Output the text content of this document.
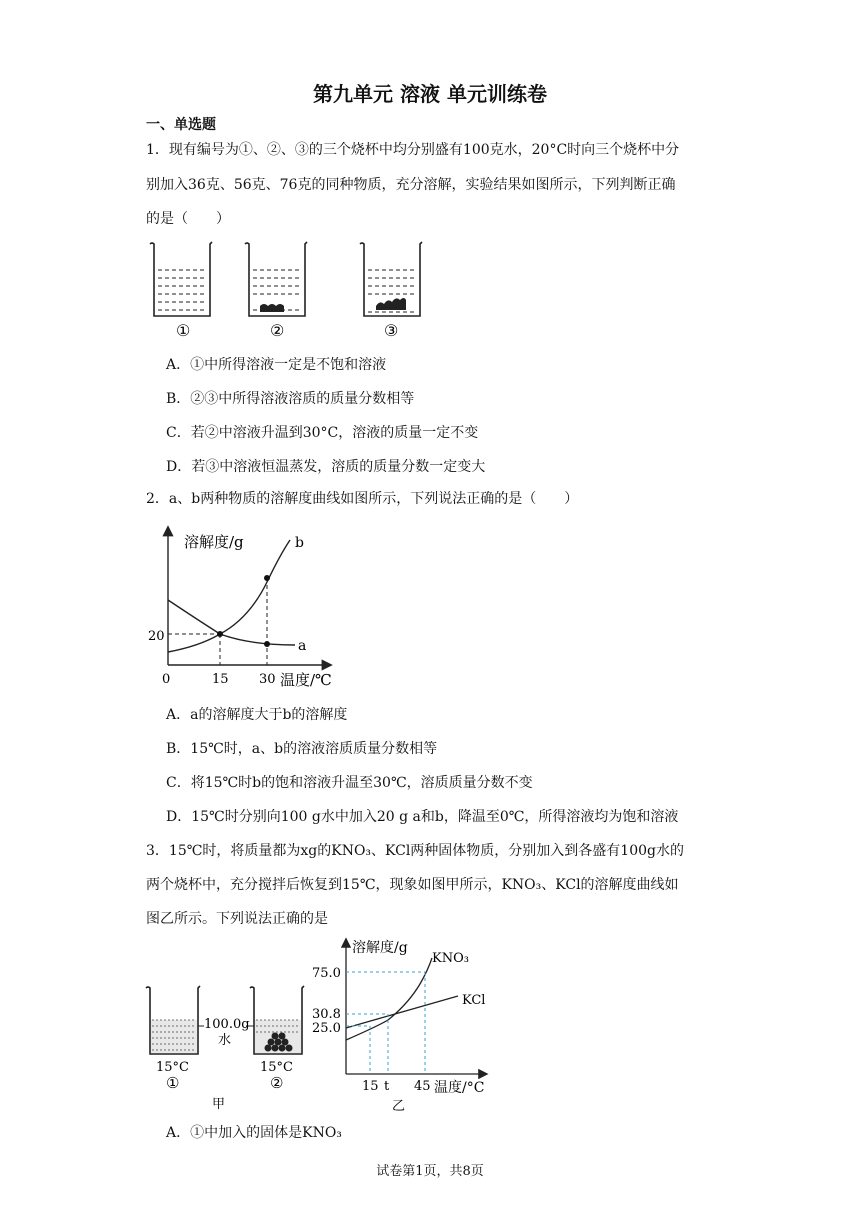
第九单元 溶液 单元训练卷
一、单选题
1．现有编号为①、②、③的三个烧杯中均分别盛有100克水，20°C时向三个烧杯中分
别加入36克、56克、76克的同种物质，充分溶解，实验结果如图所示，下列判断正确
的是（　　）
①	②	③
A．①中所得溶液一定是不饱和溶液
B．②③中所得溶液溶质的质量分数相等
C．若②中溶液升温到30°C，溶液的质量一定不变
D．若③中溶液恒温蒸发，溶质的质量分数一定变大
2．a、b两种物质的溶解度曲线如图所示，下列说法正确的是（　　）
溶解度/g	b
a
20
0	15 30 温度/℃
A．a的溶解度大于b的溶解度
B．15℃时，a、b的溶液溶质质量分数相等
C．将15℃时b的饱和溶液升温至30℃，溶质质量分数不变
D．15℃时分别向100 g水中加入20 g a和b，降温至0℃，所得溶液均为饱和溶液
3．15℃时，将质量都为xg的KNO₃、KCl两种固体物质，分别加入到各盛有100g水的
两个烧杯中，充分搅拌后恢复到15℃，现象如图甲所示，KNO₃、KCl的溶解度曲线如
图乙所示。下列说法正确的是
100.0g
水
15°C	15°C
①	②
甲
溶解度/g
KNO₃
KCl
75.0
30.8
25.0
15 t 45 温度/°C
乙
A．①中加入的固体是KNO₃
试卷第1页，共8页
